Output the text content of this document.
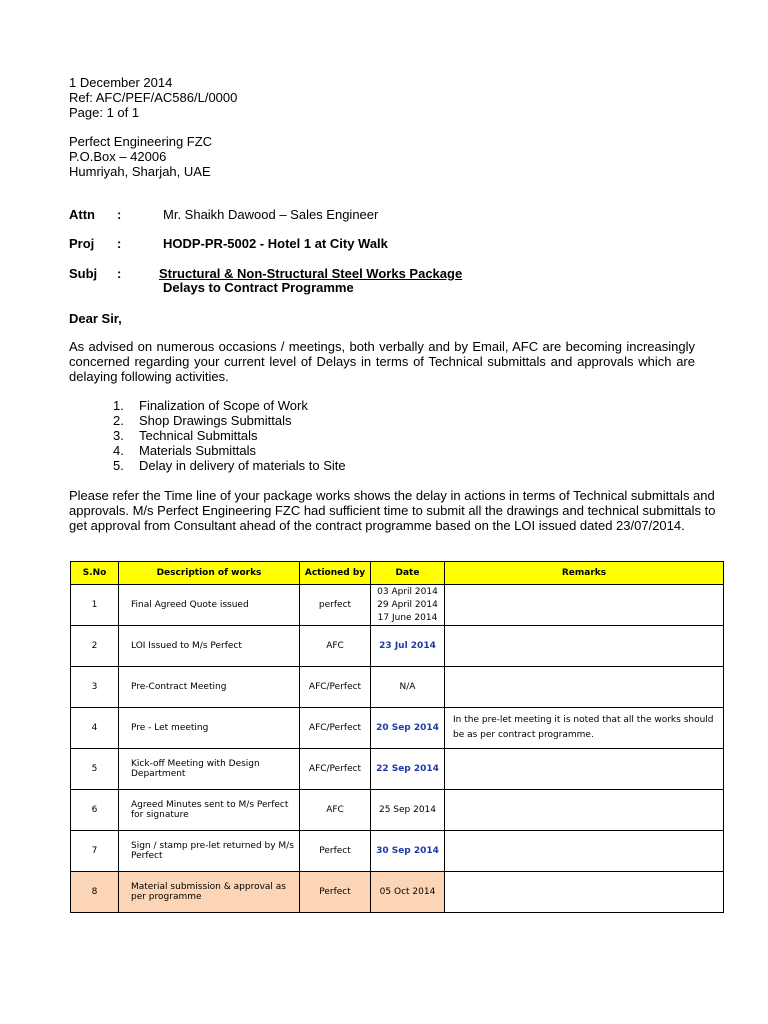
1 December 2014
Ref: AFC/PEF/AC586/L/0000
Page: 1 of 1
Perfect Engineering FZC
P.O.Box – 42006
Humriyah, Sharjah, UAE
Attn :	Mr. Shaikh Dawood – Sales Engineer
Proj :	HODP-PR-5002 - Hotel 1 at City Walk
Subj :	Structural & Non-Structural Steel Works Package
Delays to Contract Programme
Dear Sir,
As advised on numerous occasions / meetings, both verbally and by Email, AFC are becoming increasingly concerned regarding your current level of Delays in terms of Technical submittals and approvals which are delaying following activities.
1.	Finalization of Scope of Work
2.	Shop Drawings Submittals
3.	Technical Submittals
4.	Materials Submittals
5.	Delay in delivery of materials to Site
Please refer the Time line of your package works shows the delay in actions in terms of Technical submittals and approvals. M/s Perfect Engineering FZC had sufficient time to submit all the drawings and technical submittals to get approval from Consultant ahead of the contract programme based on the LOI issued dated 23/07/2014.
S.No	Description of works	Actioned by	Date	Remarks
1	Final Agreed Quote issued	perfect	03 April 2014
29 April 2014
17 June 2014	

2	LOI Issued to M/s Perfect	AFC	23 Jul 2014	
3	Pre-Contract Meeting	AFC/Perfect	N/A	
4	Pre - Let meeting	AFC/Perfect	20 Sep 2014	In the pre-let meeting it is noted that all the works should be as per contract programme.
5	Kick-off Meeting with Design Department	AFC/Perfect	22 Sep 2014	
6	Agreed Minutes sent to M/s Perfect for signature	AFC	25 Sep 2014	
7	Sign / stamp pre-let returned by M/s Perfect	Perfect	30 Sep 2014	
8	Material submission & approval as per programme	Perfect	05 Oct 2014	
